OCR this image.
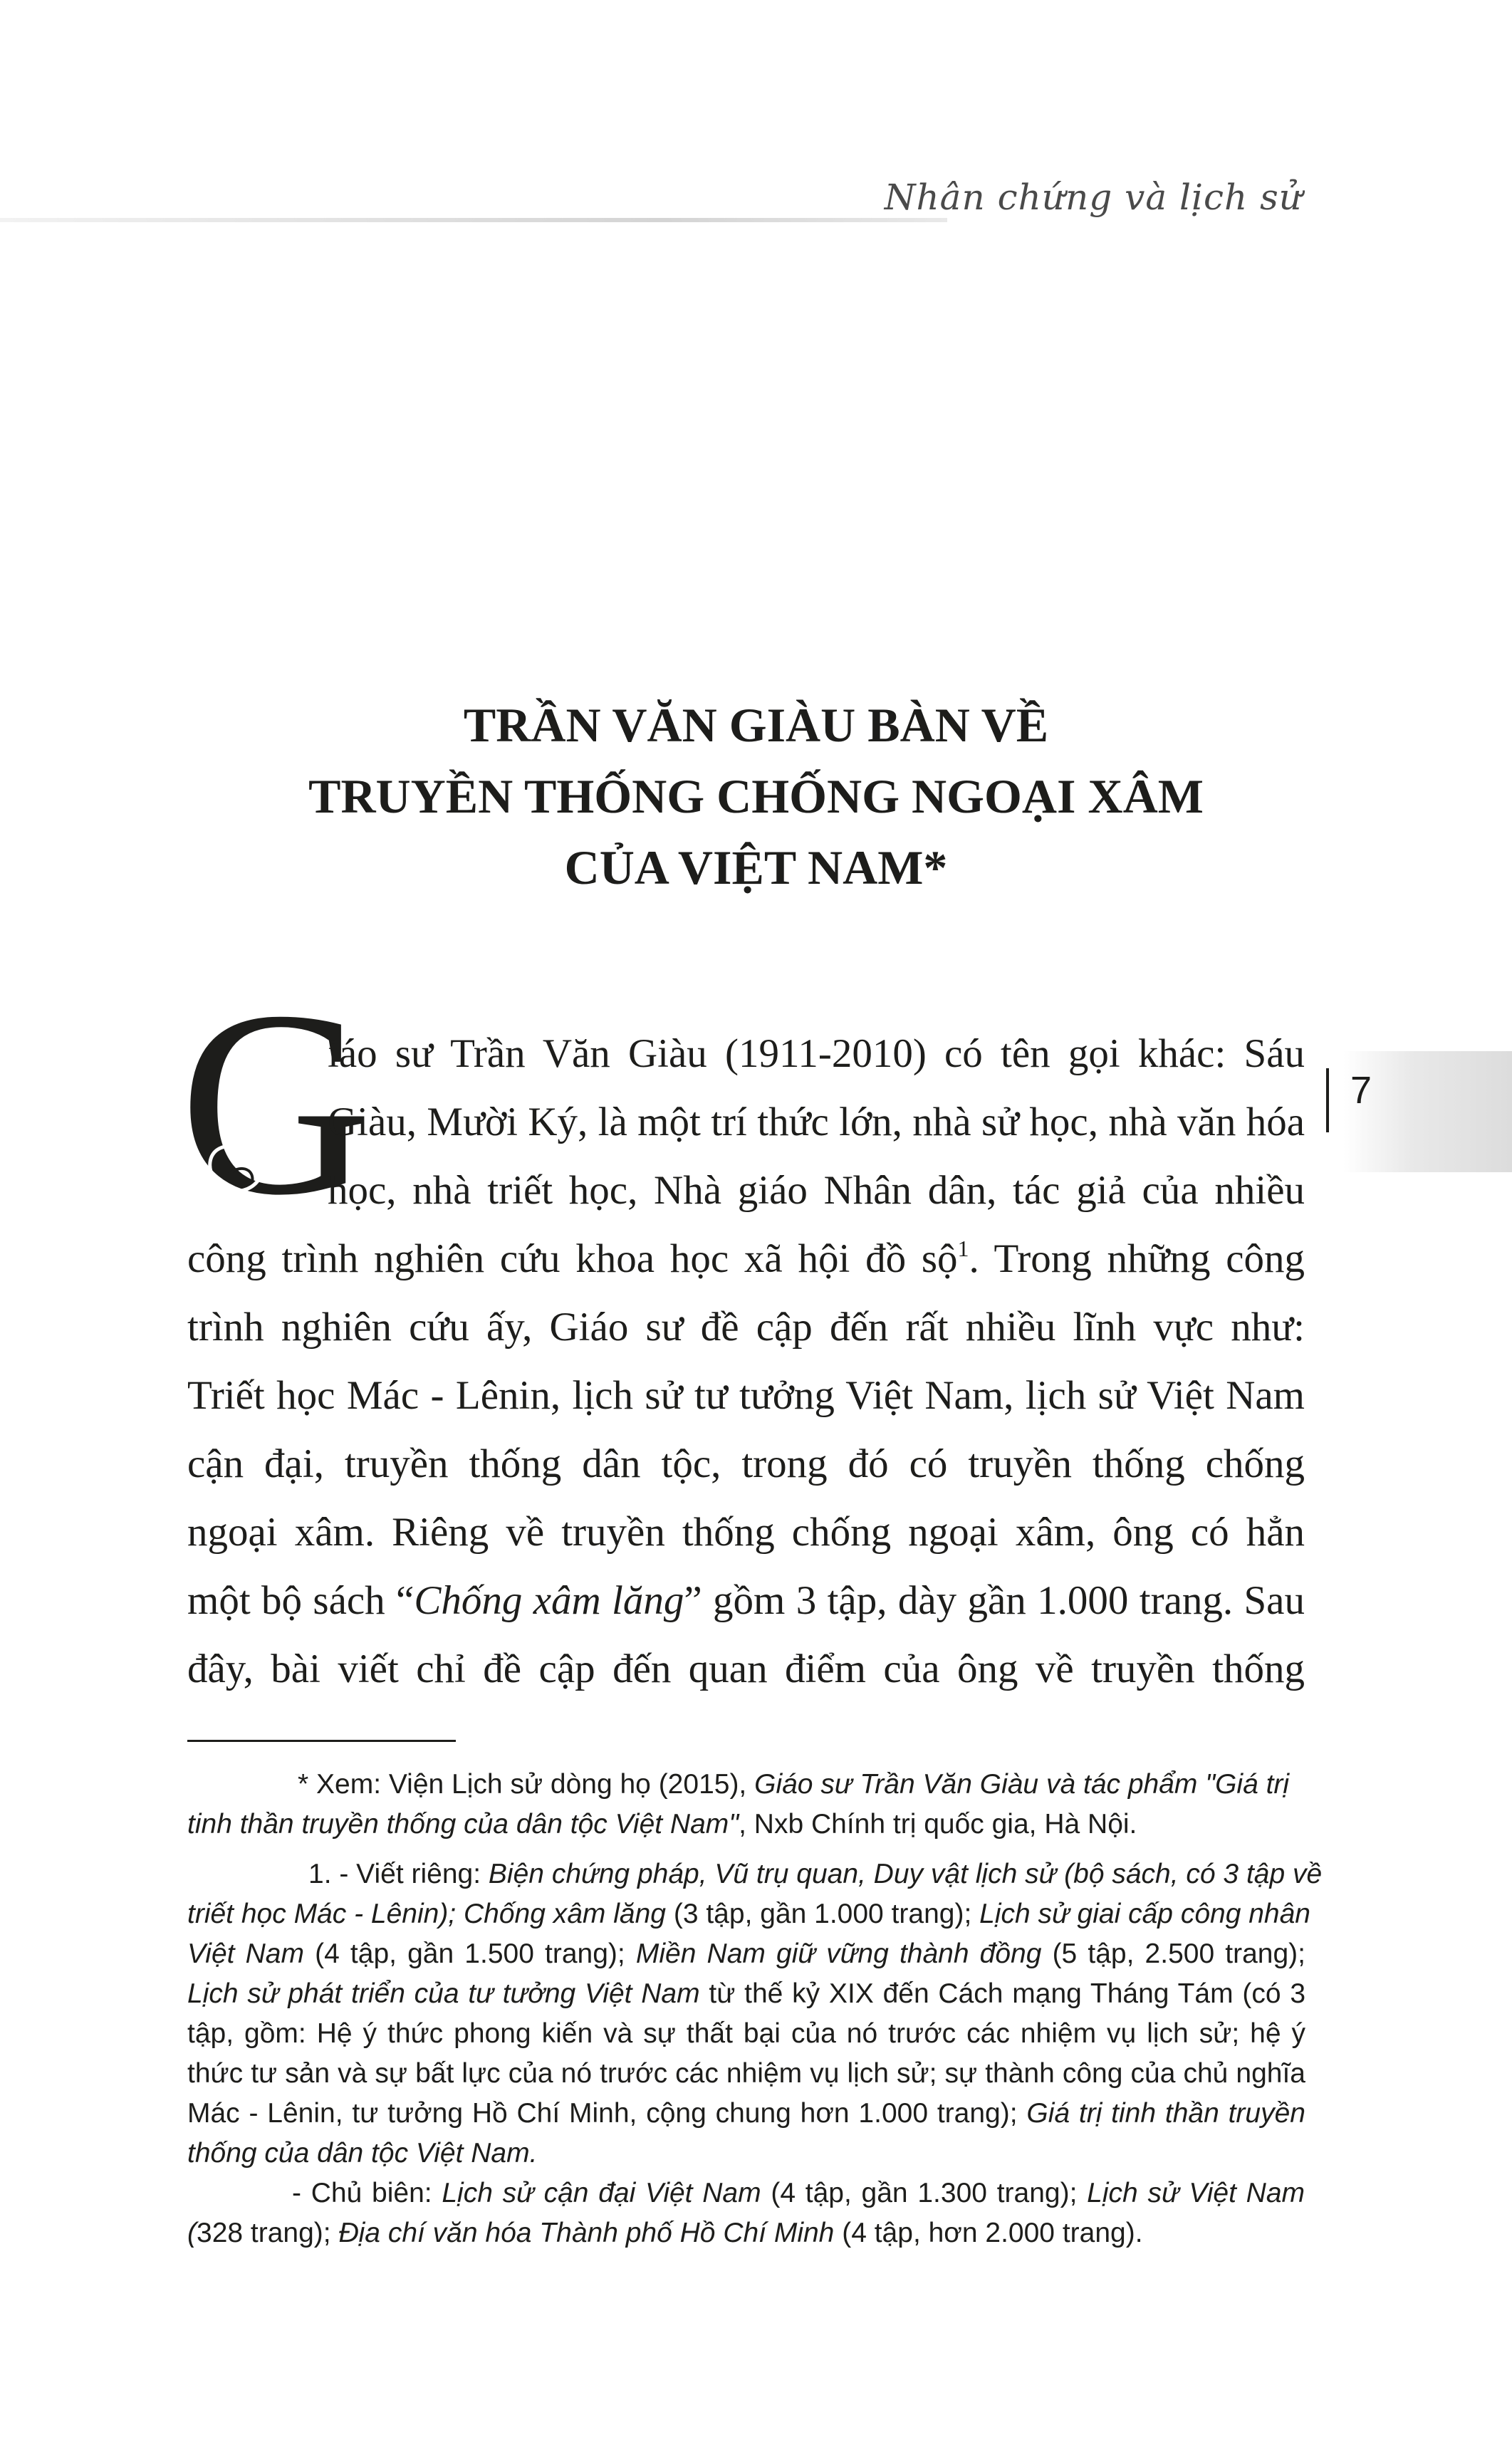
Nhân chứng và lịch sử
TRẦN VĂN GIÀU BÀN VỀ
TRUYỀN THỐNG CHỐNG NGOẠI XÂM
CỦA VIỆT NAM*
7
G
iáo sư Trần Văn Giàu (1911-2010) có tên gọi khác: Sáu
Giàu, Mười Ký, là một trí thức lớn, nhà sử học, nhà văn hóa
học, nhà triết học, Nhà giáo Nhân dân, tác giả của nhiều
công trình nghiên cứu khoa học xã hội đồ sộ$^1$. Trong những công
trình nghiên cứu ấy, Giáo sư đề cập đến rất nhiều lĩnh vực như:
Triết học Mác - Lênin, lịch sử tư tưởng Việt Nam, lịch sử Việt Nam
cận đại, truyền thống dân tộc, trong đó có truyền thống chống
ngoại xâm. Riêng về truyền thống chống ngoại xâm, ông có hẳn
một bộ sách “Chống xâm lăng” gồm 3 tập, dày gần 1.000 trang. Sau
đây, bài viết chỉ đề cập đến quan điểm của ông về truyền thống
* Xem: Viện Lịch sử dòng họ (2015), Giáo sư Trần Văn Giàu và tác phẩm "Giá trị
tinh thần truyền thống của dân tộc Việt Nam", Nxb Chính trị quốc gia, Hà Nội.
1. - Viết riêng: Biện chứng pháp, Vũ trụ quan, Duy vật lịch sử (bộ sách, có 3 tập về
triết học Mác - Lênin); Chống xâm lăng (3 tập, gần 1.000 trang); Lịch sử giai cấp công nhân
Việt Nam (4 tập, gần 1.500 trang); Miền Nam giữ vững thành đồng (5 tập, 2.500 trang);
Lịch sử phát triển của tư tưởng Việt Nam từ thế kỷ XIX đến Cách mạng Tháng Tám (có 3
tập, gồm: Hệ ý thức phong kiến và sự thất bại của nó trước các nhiệm vụ lịch sử; hệ ý
thức tư sản và sự bất lực của nó trước các nhiệm vụ lịch sử; sự thành công của chủ nghĩa
Mác - Lênin, tư tưởng Hồ Chí Minh, cộng chung hơn 1.000 trang); Giá trị tinh thần truyền
thống của dân tộc Việt Nam.
- Chủ biên: Lịch sử cận đại Việt Nam (4 tập, gần 1.300 trang); Lịch sử Việt Nam
(328 trang); Địa chí văn hóa Thành phố Hồ Chí Minh (4 tập, hơn 2.000 trang).
